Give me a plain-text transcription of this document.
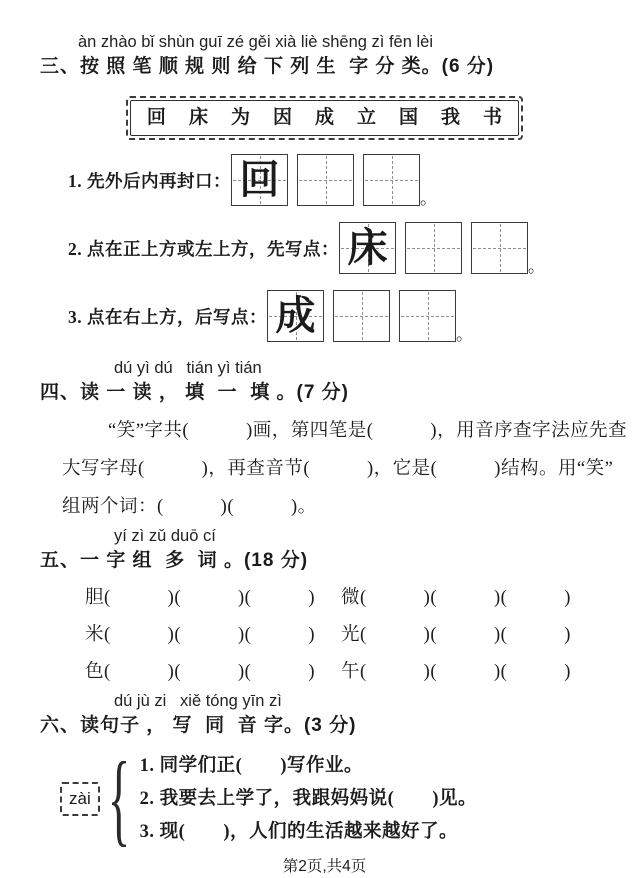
àn zhào bǐ shùn guī zé gěi xià liè shēng zì fēn lèi
三、按 照 笔 顺 规 则 给 下 列 生  字 分 类。(6 分)
回 床 为 因 成 立 国 我 书
1. 先外后内再封口： 回	。
2. 点在正上方或左上方，先写点： 床	。
3. 点在右上方，后写点： 成	。
dú yì dú   tián yì tián
四、读 一 读 ， 填  一  填 。(7 分)
“笑”字共(　　　)画，第四笔是(　　　)，用音序查字法应先查
大写字母(　　　)，再查音节(　　　)，它是(　　　)结构。用“笑”
组两个词：(　　　)(　　　)。
yí zì zǔ duō cí
五、一 字 组  多  词 。(18 分)
胆(　　　)(　　　)(　　　) 微(　　　)(　　　)(　　　)
米(　　　)(　　　)(　　　) 光(　　　)(　　　)(　　　)
色(　　　)(　　　)(　　　) 午(　　　)(　　　)(　　　)
dú jù zi   xiě tóng yīn zì
六、读句子 ， 写  同  音 字。(3 分)
zài { 1. 同学们正(　　)写作业。
2. 我要去上学了，我跟妈妈说(　　)见。
3. 现(　　)，人们的生活越来越好了。
第2页,共4页
